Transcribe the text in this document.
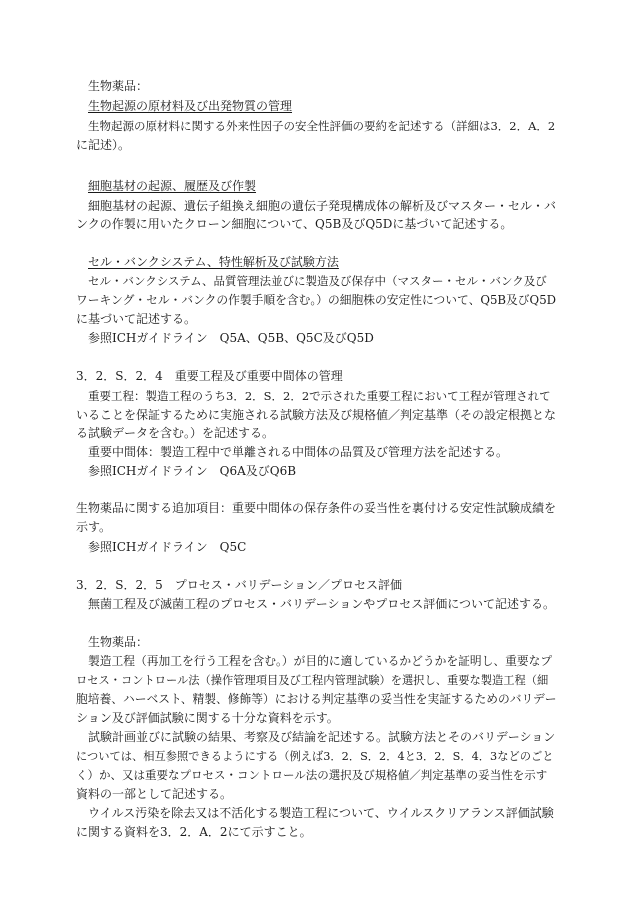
生物薬品：
生物起源の原材料及び出発物質の管理
生物起源の原材料に関する外来性因子の安全性評価の要約を記述する（詳細は3．2．A．2
に記述）。
細胞基材の起源、履歴及び作製
細胞基材の起源、遺伝子組換え細胞の遺伝子発現構成体の解析及びマスター・セル・バ
ンクの作製に用いたクローン細胞について、Q5B及びQ5Dに基づいて記述する。
セル・バンクシステム、特性解析及び試験方法
セル・バンクシステム、品質管理法並びに製造及び保存中（マスター・セル・バンク及び
ワーキング・セル・バンクの作製手順を含む。）の細胞株の安定性について、Q5B及びQ5D
に基づいて記述する。
参照ICHガイドライン　Q5A、Q5B、Q5C及びQ5D
3．2．S．2．4　重要工程及び重要中間体の管理
重要工程：製造工程のうち3．2．S．2．2で示された重要工程において工程が管理されて
いることを保証するために実施される試験方法及び規格値／判定基準（その設定根拠とな
る試験データを含む。）を記述する。
重要中間体：製造工程中で単離される中間体の品質及び管理方法を記述する。
参照ICHガイドライン　Q6A及びQ6B
生物薬品に関する追加項目：重要中間体の保存条件の妥当性を裏付ける安定性試験成績を
示す。
参照ICHガイドライン　Q5C
3．2．S．2．5　プロセス・バリデーション／プロセス評価
無菌工程及び滅菌工程のプロセス・バリデーションやプロセス評価について記述する。
生物薬品：
製造工程（再加工を行う工程を含む。）が目的に適しているかどうかを証明し、重要なプ
ロセス・コントロール法（操作管理項目及び工程内管理試験）を選択し、重要な製造工程（細
胞培養、ハーベスト、精製、修飾等）における判定基準の妥当性を実証するためのバリデー
ション及び評価試験に関する十分な資料を示す。
試験計画並びに試験の結果、考察及び結論を記述する。試験方法とそのバリデーション
については、相互参照できるようにする（例えば3．2．S．2．4と3．2．S．4．3などのごと
く）か、又は重要なプロセス・コントロール法の選択及び規格値／判定基準の妥当性を示す
資料の一部として記述する。
ウイルス汚染を除去又は不活化する製造工程について、ウイルスクリアランス評価試験
に関する資料を3．2．A．2にて示すこと。
